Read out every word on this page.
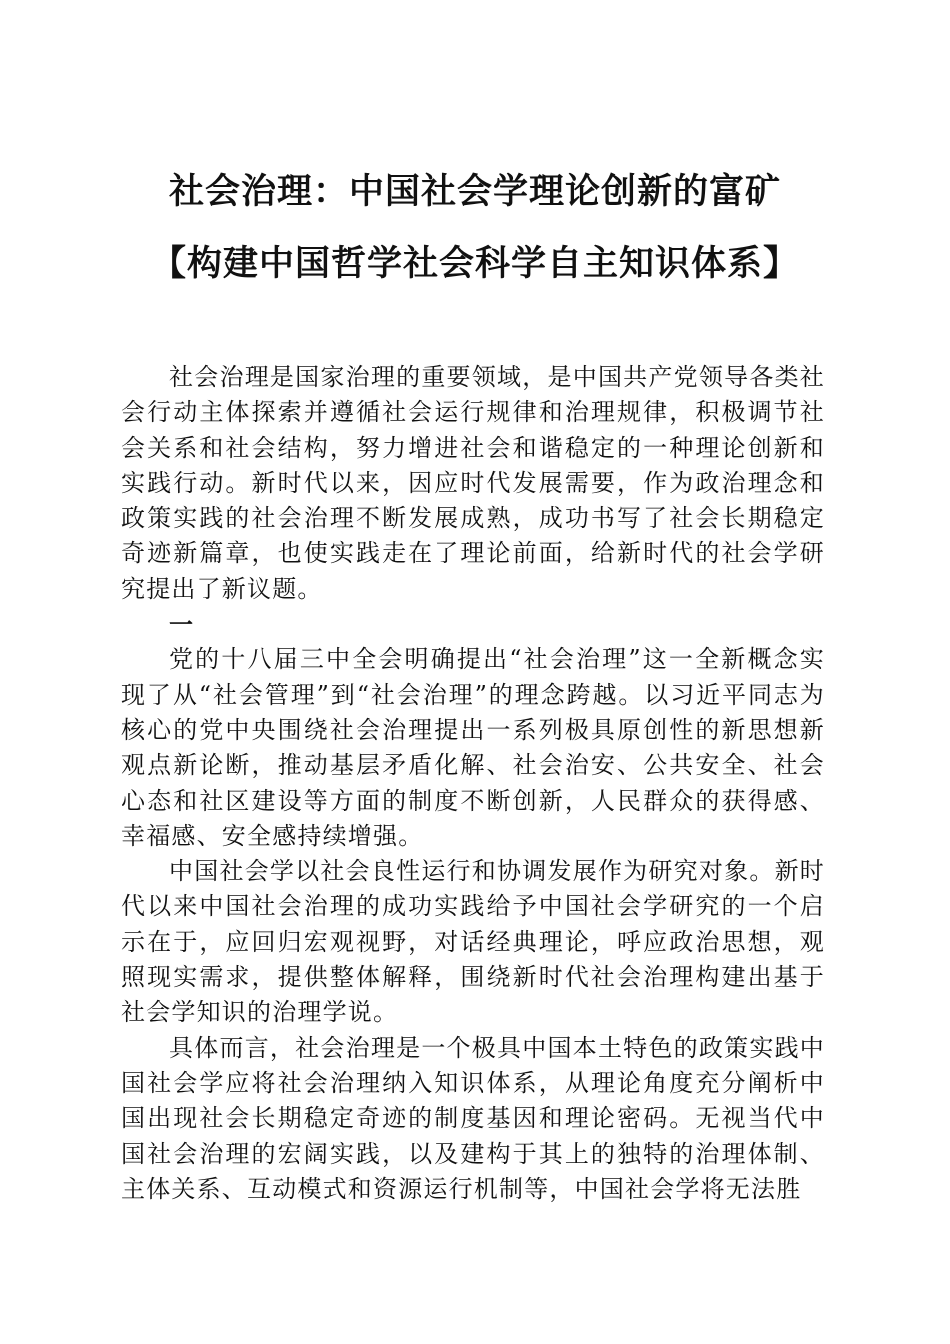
社会治理：中国社会学理论创新的富矿
【构建中国哲学社会科学自主知识体系】

社会治理是国家治理的重要领域，是中国共产党领导各类社会行动主体探索并遵循社会运行规律和治理规律，积极调节社会关系和社会结构，努力增进社会和谐稳定的一种理论创新和实践行动。新时代以来，因应时代发展需要，作为政治理念和政策实践的社会治理不断发展成熟，成功书写了社会长期稳定奇迹新篇章，也使实践走在了理论前面，给新时代的社会学研究提出了新议题。

一

党的十八届三中全会明确提出“社会治理”这一全新概念实现了从“社会管理”到“社会治理”的理念跨越。以习近平同志为核心的党中央围绕社会治理提出一系列极具原创性的新思想新观点新论断，推动基层矛盾化解、社会治安、公共安全、社会心态和社区建设等方面的制度不断创新，人民群众的获得感、幸福感、安全感持续增强。

中国社会学以社会良性运行和协调发展作为研究对象。新时代以来中国社会治理的成功实践给予中国社会学研究的一个启示在于，应回归宏观视野，对话经典理论，呼应政治思想，观照现实需求，提供整体解释，围绕新时代社会治理构建出基于社会学知识的治理学说。

具体而言，社会治理是一个极具中国本土特色的政策实践中国社会学应将社会治理纳入知识体系，从理论角度充分阐析中国出现社会长期稳定奇迹的制度基因和理论密码。无视当代中国社会治理的宏阔实践，以及建构于其上的独特的治理体制、主体关系、互动模式和资源运行机制等，中国社会学将无法胜
